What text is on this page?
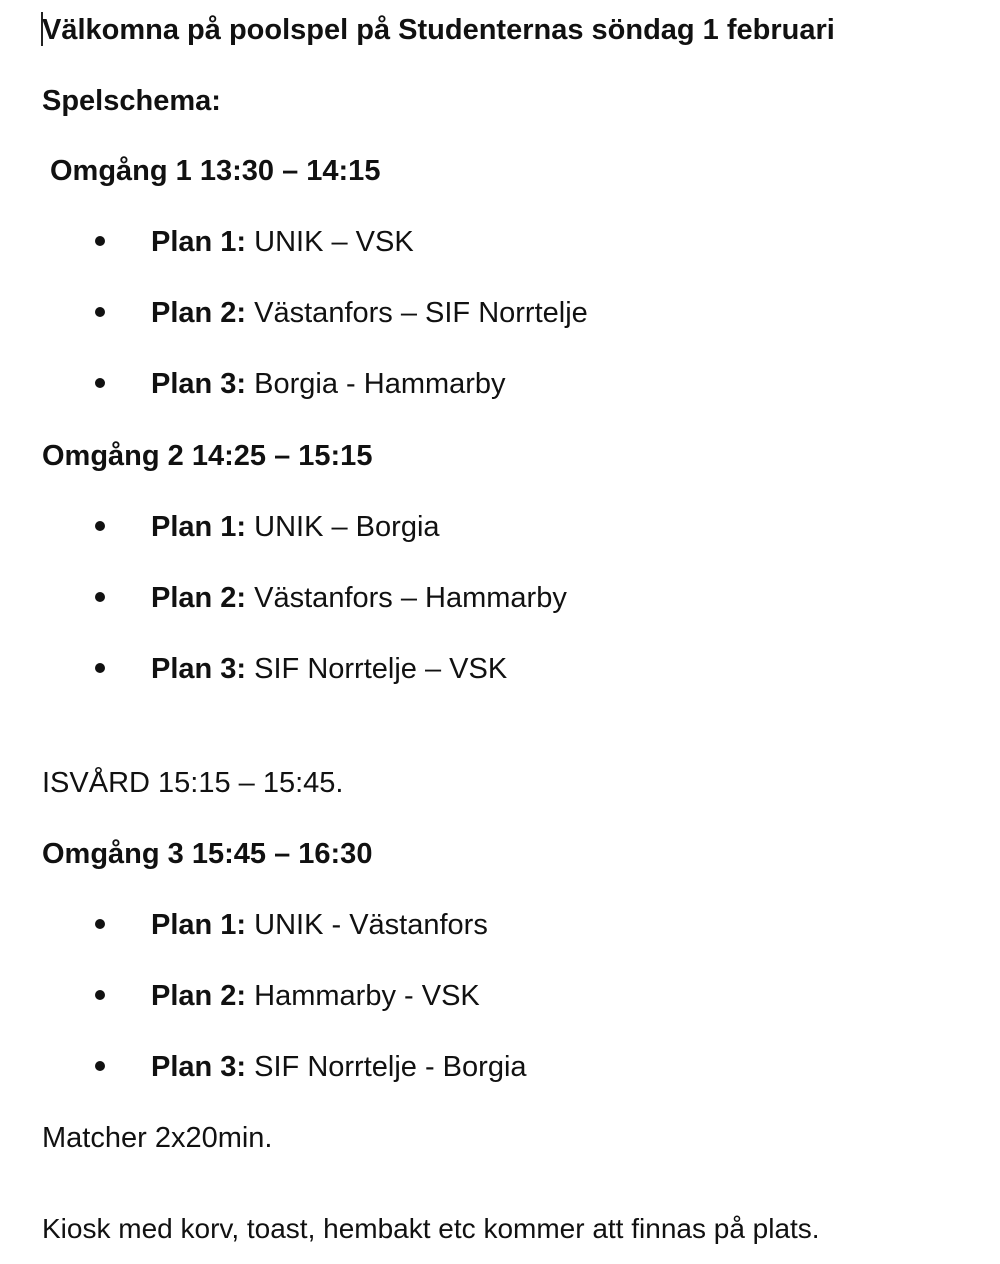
Välkomna på poolspel på Studenternas söndag 1 februari
Spelschema:
Omgång 1 13:30 – 14:15
Plan 1: UNIK – VSK
Plan 2: Västanfors – SIF Norrtelje
Plan 3: Borgia - Hammarby
Omgång 2 14:25 – 15:15
Plan 1: UNIK – Borgia
Plan 2: Västanfors – Hammarby
Plan 3: SIF Norrtelje – VSK
ISVÅRD 15:15 – 15:45.
Omgång 3 15:45 – 16:30
Plan 1: UNIK - Västanfors
Plan 2: Hammarby - VSK
Plan 3: SIF Norrtelje - Borgia
Matcher 2x20min.
Kiosk med korv, toast, hembakt etc kommer att finnas på plats.
